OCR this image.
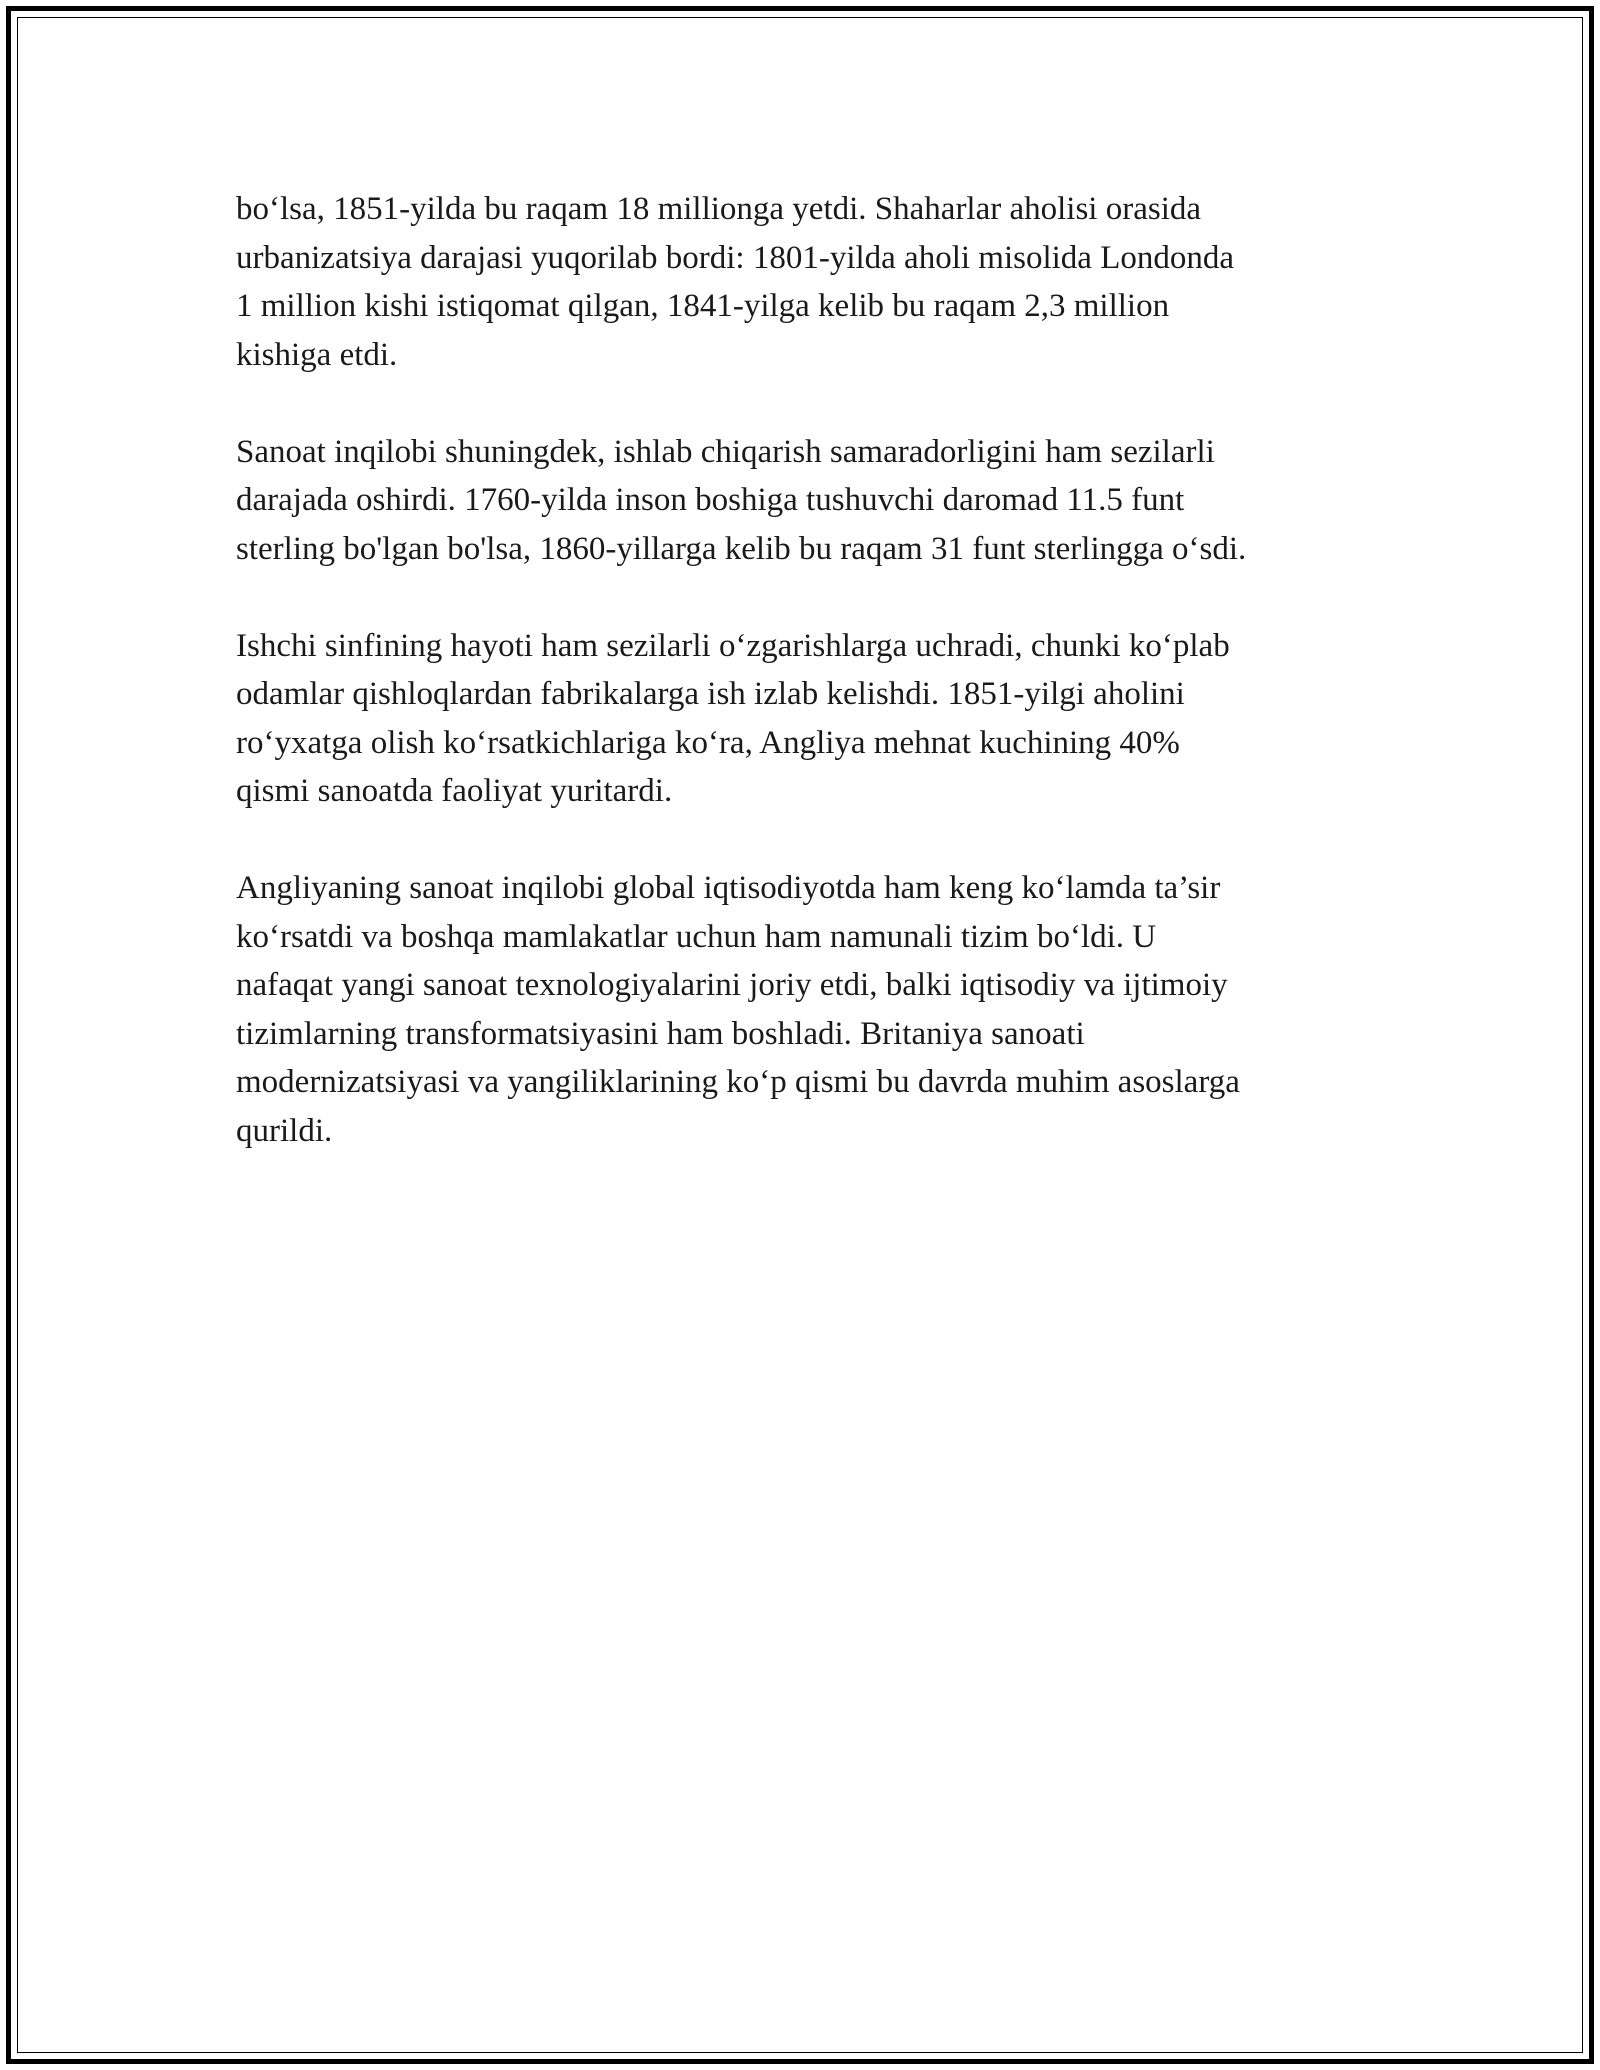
bo‘lsa, 1851-yilda bu raqam 18 millionga yetdi. Shaharlar aholisi orasida
urbanizatsiya darajasi yuqorilab bordi: 1801-yilda aholi misolida Londonda
1 million kishi istiqomat qilgan, 1841-yilga kelib bu raqam 2,3 million
kishiga etdi.

Sanoat inqilobi shuningdek, ishlab chiqarish samaradorligini ham sezilarli
darajada oshirdi. 1760-yilda inson boshiga tushuvchi daromad 11.5 funt
sterling bo'lgan bo'lsa, 1860-yillarga kelib bu raqam 31 funt sterlingga o‘sdi.

Ishchi sinfining hayoti ham sezilarli o‘zgarishlarga uchradi, chunki ko‘plab
odamlar qishloqlardan fabrikalarga ish izlab kelishdi. 1851-yilgi aholini
ro‘yxatga olish ko‘rsatkichlariga ko‘ra, Angliya mehnat kuchining 40%
qismi sanoatda faoliyat yuritardi.

Angliyaning sanoat inqilobi global iqtisodiyotda ham keng ko‘lamda ta’sir
ko‘rsatdi va boshqa mamlakatlar uchun ham namunali tizim bo‘ldi. U
nafaqat yangi sanoat texnologiyalarini joriy etdi, balki iqtisodiy va ijtimoiy
tizimlarning transformatsiyasini ham boshladi. Britaniya sanoati
modernizatsiyasi va yangiliklarining ko‘p qismi bu davrda muhim asoslarga
qurildi.
